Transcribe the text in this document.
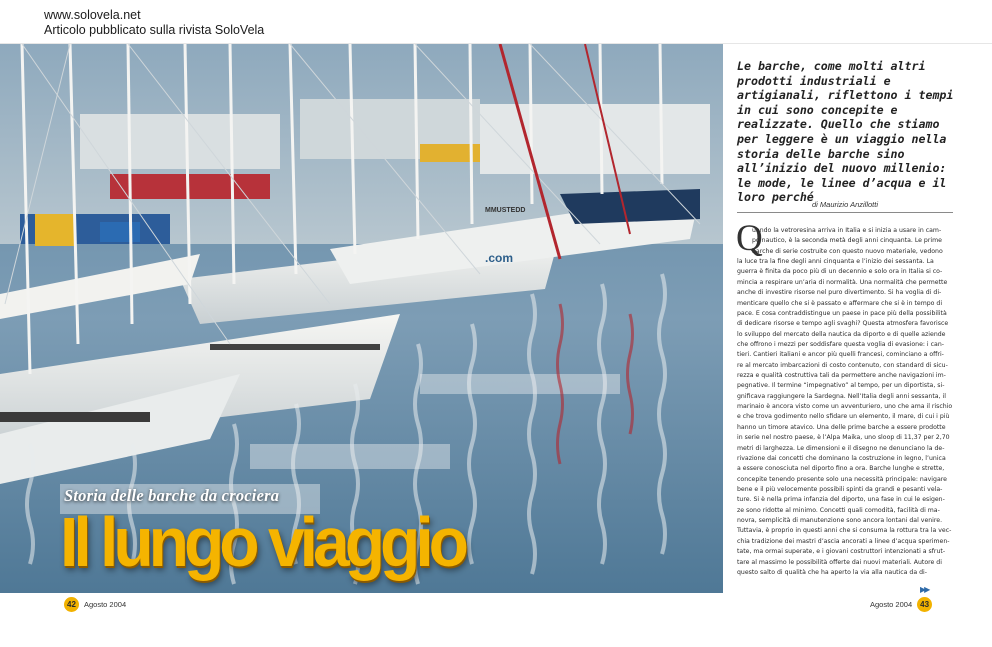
www.solovela.net
Articolo pubblicato sulla rivista SoloVela
.com
MMUSTEDD
Storia delle barche da crociera
Il lungo viaggio
42	Agosto 2004	Agosto 2004	43
Le barche, come molti altri prodotti industriali e artigianali, riflettono i tempi in cui sono concepite e realizzate. Quello che stiamo per leggere è un viaggio nella storia delle barche sino all’inizio del nuovo millenio: le mode, le linee d’acqua e il loro perché
di Maurizio Anzillotti
Q
uando la vetroresina arriva in Italia e si inizia a usare in cam-
po nautico, è la seconda metà degli anni cinquanta. Le prime
barche di serie costruite con questo nuovo materiale, vedono
la luce tra la fine degli anni cinquanta e l’inizio dei sessanta. La
guerra è finita da poco più di un decennio e solo ora in Italia si co-
mincia a respirare un’aria di normalità. Una normalità che permette
anche di investire risorse nel puro divertimento. Si ha voglia di di-
menticare quello che si è passato e affermare che si è in tempo di
pace. E cosa contraddistingue un paese in pace più della possibilità
di dedicare risorse e tempo agli svaghi? Questa atmosfera favorisce
lo sviluppo del mercato della nautica da diporto e di quelle aziende
che offrono i mezzi per soddisfare questa voglia di evasione: i can-
tieri. Cantieri italiani e ancor più quelli francesi, cominciano a offri-
re al mercato imbarcazioni di costo contenuto, con standard di sicu-
rezza e qualità costruttiva tali da permettere anche navigazioni im-
pegnative. Il termine “impegnativo” al tempo, per un diportista, si-
gnificava raggiungere la Sardegna. Nell’Italia degli anni sessanta, il
marinaio è ancora visto come un avventuriero, uno che ama il rischio
e che trova godimento nello sfidare un elemento, il mare, di cui i più
hanno un timore atavico. Una delle prime barche a essere prodotte
in serie nel nostro paese, è l’Alpa Maika, uno sloop di 11,37 per 2,70
metri di larghezza. Le dimensioni e il disegno ne denunciano la de-
rivazione dai concetti che dominano la costruzione in legno, l’unica
a essere conosciuta nel diporto fino a ora. Barche lunghe e strette,
concepite tenendo presente solo una necessità principale: navigare
bene e il più velocemente possibili spinti da grandi e pesanti vela-
ture. Si è nella prima infanzia del diporto, una fase in cui le esigen-
ze sono ridotte al minimo. Concetti quali comodità, facilità di ma-
novra, semplicità di manutenzione sono ancora lontani dal venire.
Tuttavia, è proprio in questi anni che si consuma la rottura tra la vec-
chia tradizione dei mastri d’ascia ancorati a linee d’acqua sperimen-
tate, ma ormai superate, e i giovani costruttori intenzionati a sfrut-
tare al massimo le possibilità offerte dai nuovi materiali. Autore di
questo salto di qualità che ha aperto la via alla nautica da di-
▶▶
